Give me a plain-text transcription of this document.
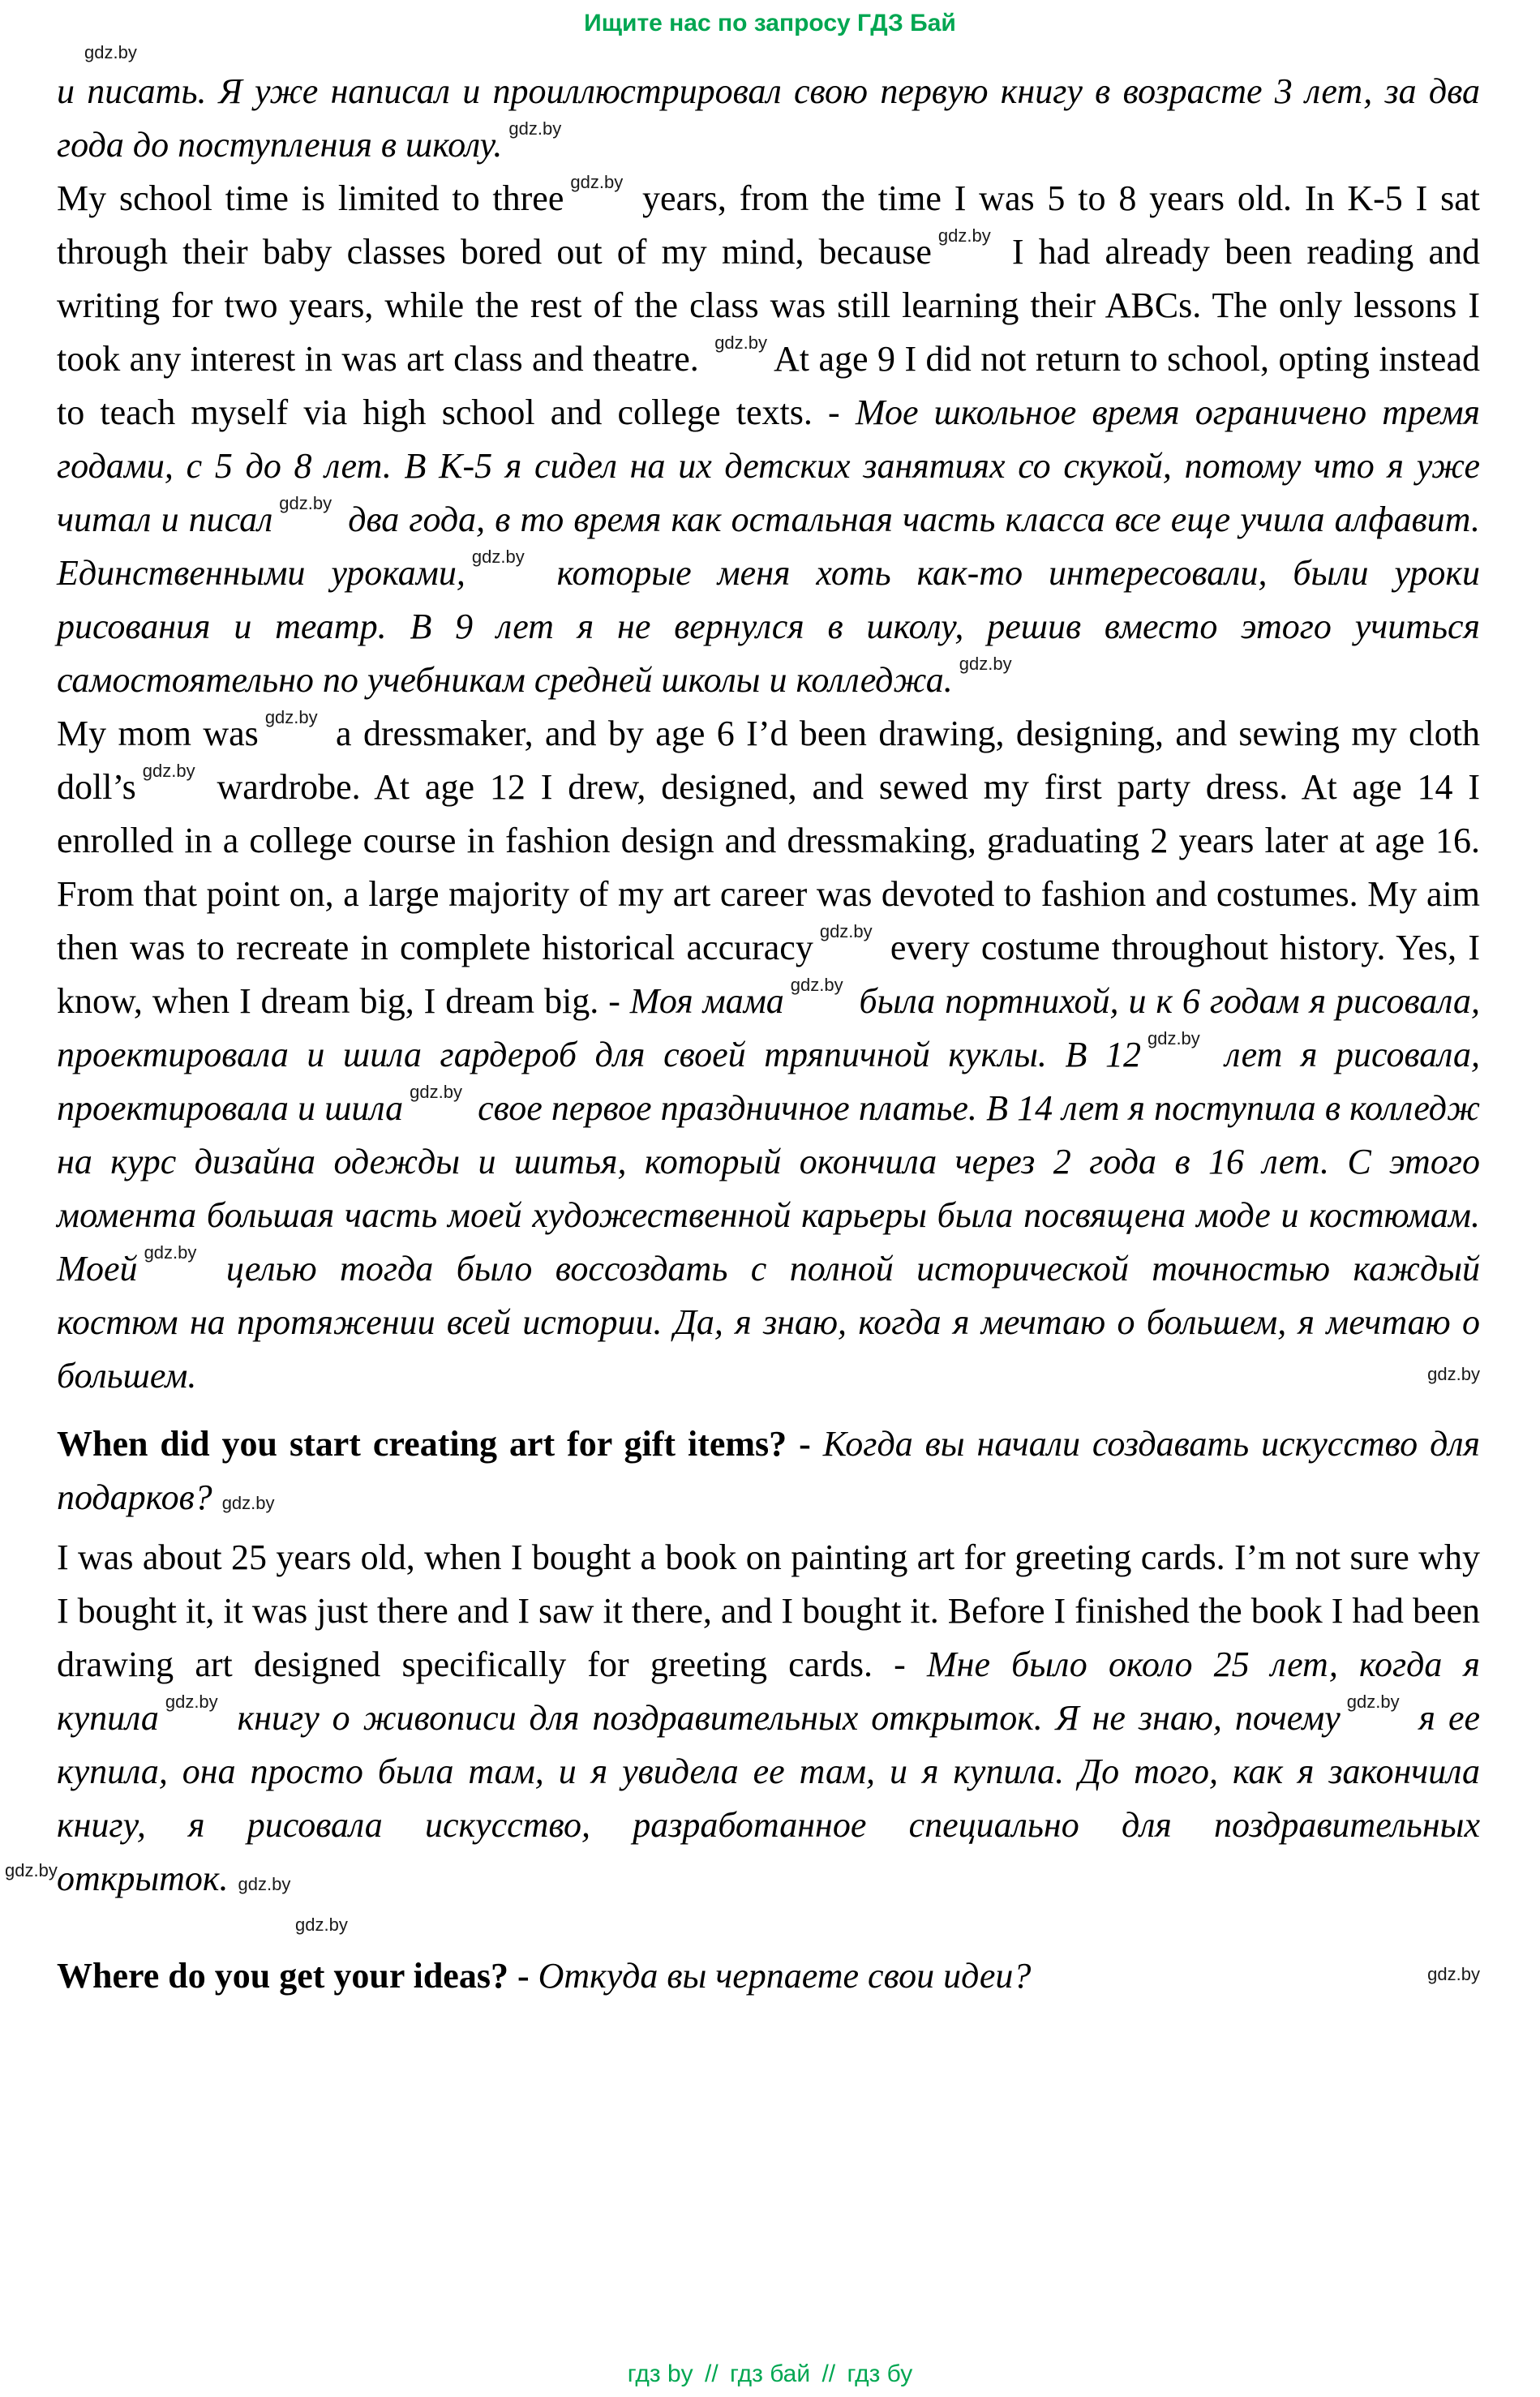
Ищите нас по запросу ГДЗ Бай

gdz.by

и писать. Я уже написал и проиллюстрировал свою первую книгу в возрасте 3 лет, за два года до поступления в школу. $^{gdz.by}$

My school time is limited to three $^{gdz.by}$ years, from the time I was 5 to 8 years old. In K-5 I sat through their baby classes bored out of my mind, because $^{gdz.by}$ I had already been reading and writing for two years, while the rest of the class was still learning their ABCs. The only lessons I took any interest in was art class and theatre. $^{gdz.by}$ At age 9 I did not return to school, opting instead to teach myself via high school and college texts. - Мое школьное время ограничено тремя годами, с 5 до 8 лет. В K-5 я сидел на их детских занятиях со скукой, потому что я уже читал и писал $^{gdz.by}$ два года, в то время как остальная часть класса все еще учила алфавит. Единственными уроками, $^{gdz.by}$ которые меня хоть как-то интересовали, были уроки рисования и театр. В 9 лет я не вернулся в школу, решив вместо этого учиться самостоятельно по учебникам средней школы и колледжа. $^{gdz.by}$

My mom was $^{gdz.by}$ a dressmaker, and by age 6 I’d been drawing, designing, and sewing my cloth doll’s $^{gdz.by}$ wardrobe. At age 12 I drew, designed, and sewed my first party dress. At age 14 I enrolled in a college course in fashion design and dressmaking, graduating 2 years later at age 16. From that point on, a large majority of my art career was devoted to fashion and costumes. My aim then was to recreate in complete historical accuracy $^{gdz.by}$ every costume throughout history. Yes, I know, when I dream big, I dream big. - Моя мама $^{gdz.by}$ была портнихой, и к 6 годам я рисовала, проектировала и шила гардероб для своей тряпичной куклы. В 12 $^{gdz.by}$ лет я рисовала, проектировала и шила $^{gdz.by}$ свое первое праздничное платье. В 14 лет я поступила в колледж на курс дизайна одежды и шитья, который окончила через 2 года в 16 лет. С этого момента большая часть моей художественной карьеры была посвящена моде и костюмам. Моей $^{gdz.by}$ целью тогда было воссоздать с полной исторической точностью каждый костюм на протяжении всей истории. Да, я знаю, когда я мечтаю о большем, я мечтаю о большем.	gdz.by

When did you start creating art for gift items? - Когда вы начали создавать искусство для подарков? gdz.by

I was about 25 years old, when I bought a book on painting art for greeting cards. I’m not sure why I bought it, it was just there and I saw it there, and I bought it. Before I finished the book I had been drawing art designed specifically for greeting cards. - Мне было около 25 лет, когда я купила $^{gdz.by}$ книгу о живописи для поздравительных открыток. Я не знаю, почему $^{gdz.by}$ я ее купила, она просто была там, и я увидела ее там, и я купила. До того, как я закончила книгу, я рисовала искусство, разработанное специально для поздравительных открыток. gdz.by

gdz.by

Where do you get your ideas? - Откуда вы черпаете свои идеи?	gdz.by

gdz.by
гдз by // гдз бай // гдз бу
